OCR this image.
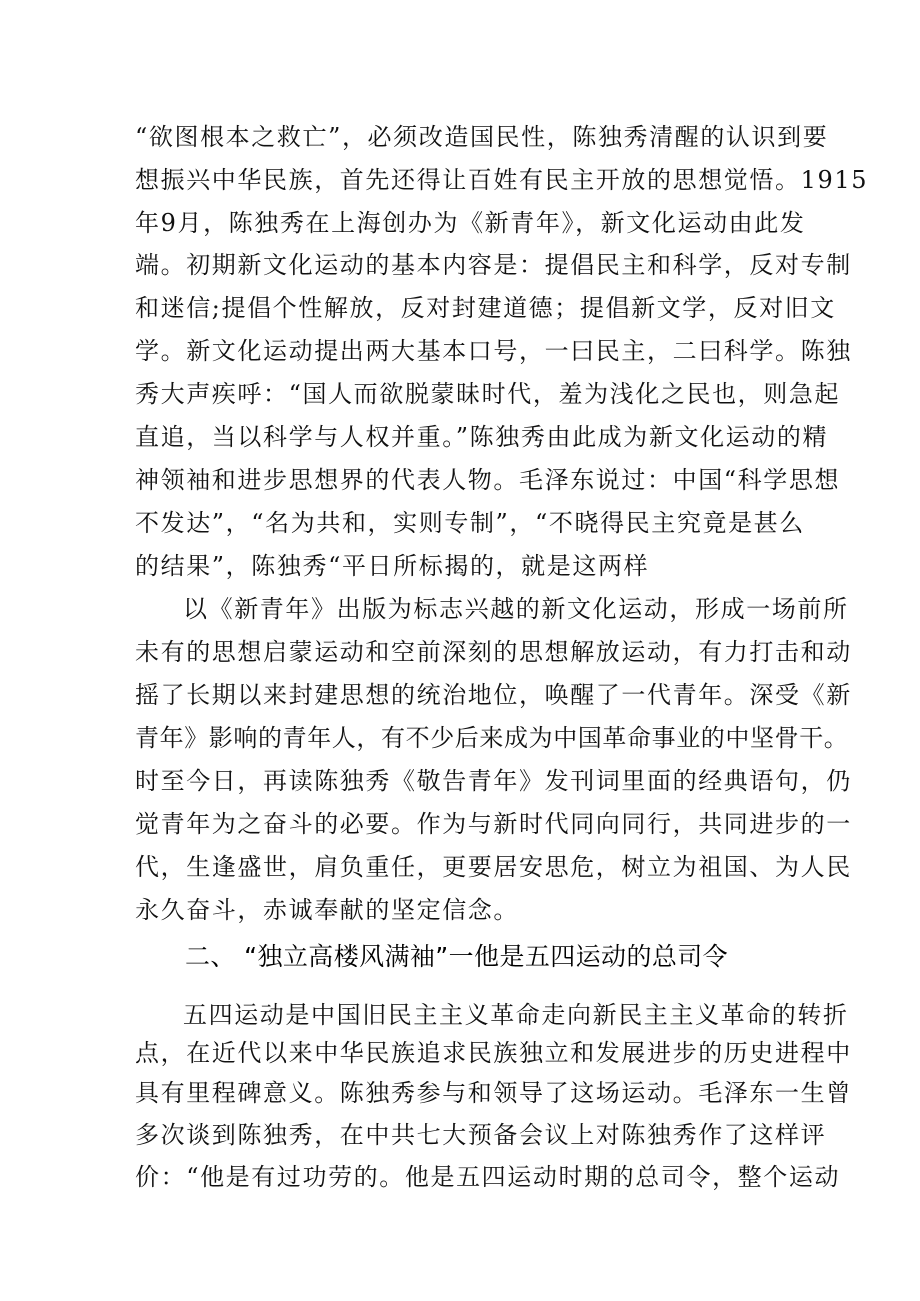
“欲图根本之救亡”，必须改造国民性，陈独秀清醒的认识到要
想振兴中华民族，首先还得让百姓有民主开放的思想觉悟。1915
年9月，陈独秀在上海创办为《新青年》，新文化运动由此发
端。初期新文化运动的基本内容是：提倡民主和科学，反对专制
和迷信;提倡个性解放，反对封建道德；提倡新文学，反对旧文
学。新文化运动提出两大基本口号，一曰民主，二曰科学。陈独
秀大声疾呼：“国人而欲脱蒙昧时代，羞为浅化之民也，则急起
直追，当以科学与人权并重。”陈独秀由此成为新文化运动的精
神领袖和进步思想界的代表人物。毛泽东说过：中国“科学思想
不发达”，“名为共和，实则专制”，“不晓得民主究竟是甚么
的结果”，陈独秀“平日所标揭的，就是这两样
以《新青年》出版为标志兴越的新文化运动，形成一场前所
未有的思想启蒙运动和空前深刻的思想解放运动，有力打击和动
摇了长期以来封建思想的统治地位，唤醒了一代青年。深受《新
青年》影响的青年人，有不少后来成为中国革命事业的中坚骨干。
时至今日，再读陈独秀《敬告青年》发刊词里面的经典语句，仍
觉青年为之奋斗的必要。作为与新时代同向同行，共同进步的一
代，生逢盛世，肩负重任，更要居安思危，树立为祖国、为人民
永久奋斗，赤诚奉献的坚定信念。
二、 “独立高楼风满袖”一他是五四运动的总司令
五四运动是中国旧民主主义革命走向新民主主义革命的转折
点，在近代以来中华民族追求民族独立和发展进步的历史进程中
具有里程碑意义。陈独秀参与和领导了这场运动。毛泽东一生曾
多次谈到陈独秀，在中共七大预备会议上对陈独秀作了这样评
价：“他是有过功劳的。他是五四运动时期的总司令，整个运动
